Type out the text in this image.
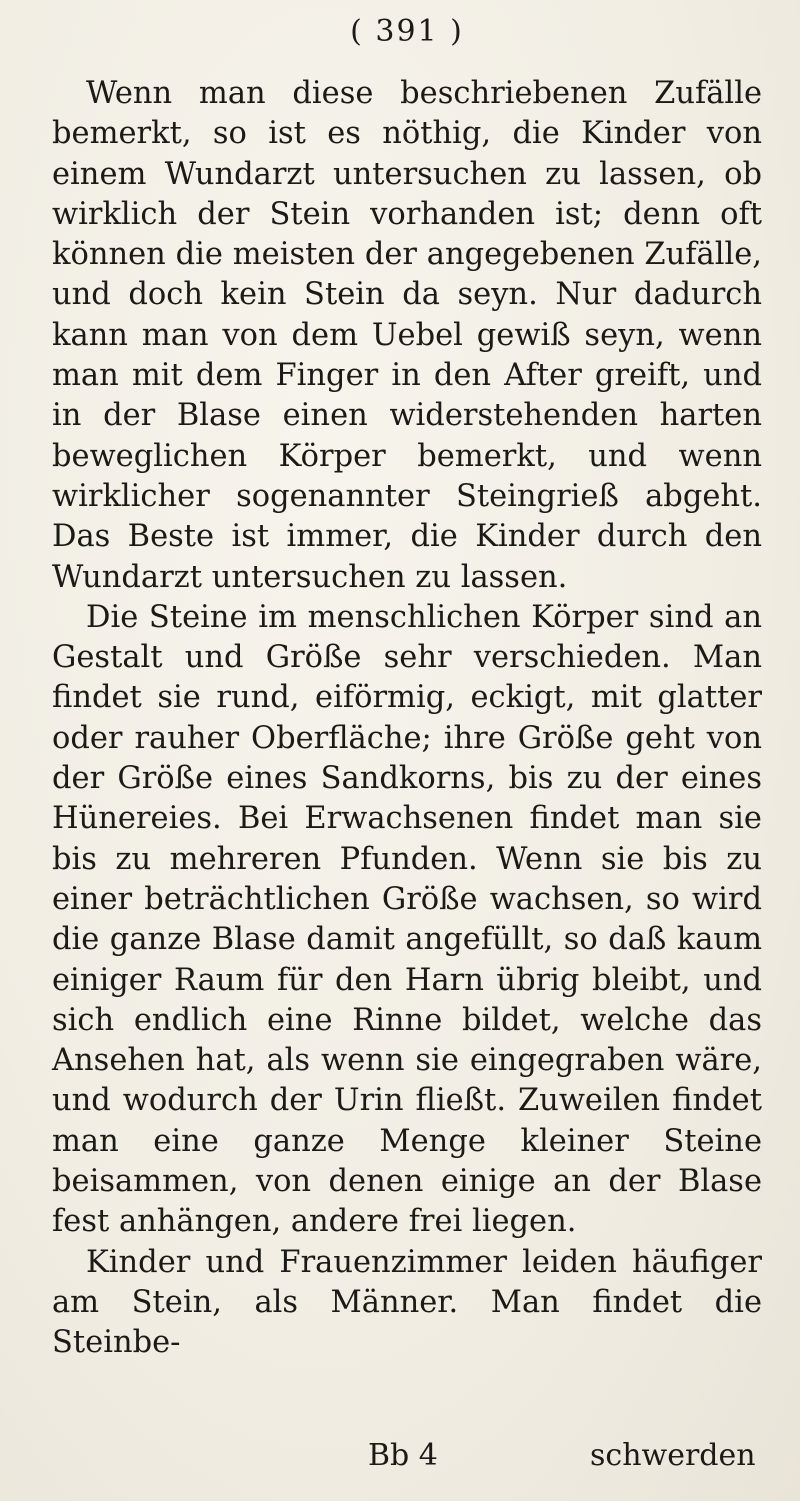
( 391 )

Wenn man diese beschriebenen Zufälle bemerkt, so ist es nöthig, die Kinder von einem Wundarzt untersuchen zu lassen, ob wirklich der Stein vorhanden ist; denn oft können die meisten der angegebenen Zufälle, und doch kein Stein da seyn. Nur dadurch kann man von dem Uebel gewiß seyn, wenn man mit dem Finger in den After greift, und in der Blase einen widerstehenden harten beweglichen Körper bemerkt, und wenn wirklicher sogenannter Steingrieß abgeht. Das Beste ist immer, die Kinder durch den Wundarzt untersuchen zu lassen.

Die Steine im menschlichen Körper sind an Gestalt und Größe sehr verschieden. Man findet sie rund, eiförmig, eckigt, mit glatter oder rauher Oberfläche; ihre Größe geht von der Größe eines Sandkorns, bis zu der eines Hünereies. Bei Erwachsenen findet man sie bis zu mehreren Pfunden. Wenn sie bis zu einer beträchtlichen Größe wachsen, so wird die ganze Blase damit angefüllt, so daß kaum einiger Raum für den Harn übrig bleibt, und sich endlich eine Rinne bildet, welche das Ansehen hat, als wenn sie eingegraben wäre, und wodurch der Urin fließt. Zuweilen findet man eine ganze Menge kleiner Steine beisammen, von denen einige an der Blase fest anhängen, andere frei liegen.

Kinder und Frauenzimmer leiden häufiger am Stein, als Männer. Man findet die Steinbe-

Bb 4	schwerden
